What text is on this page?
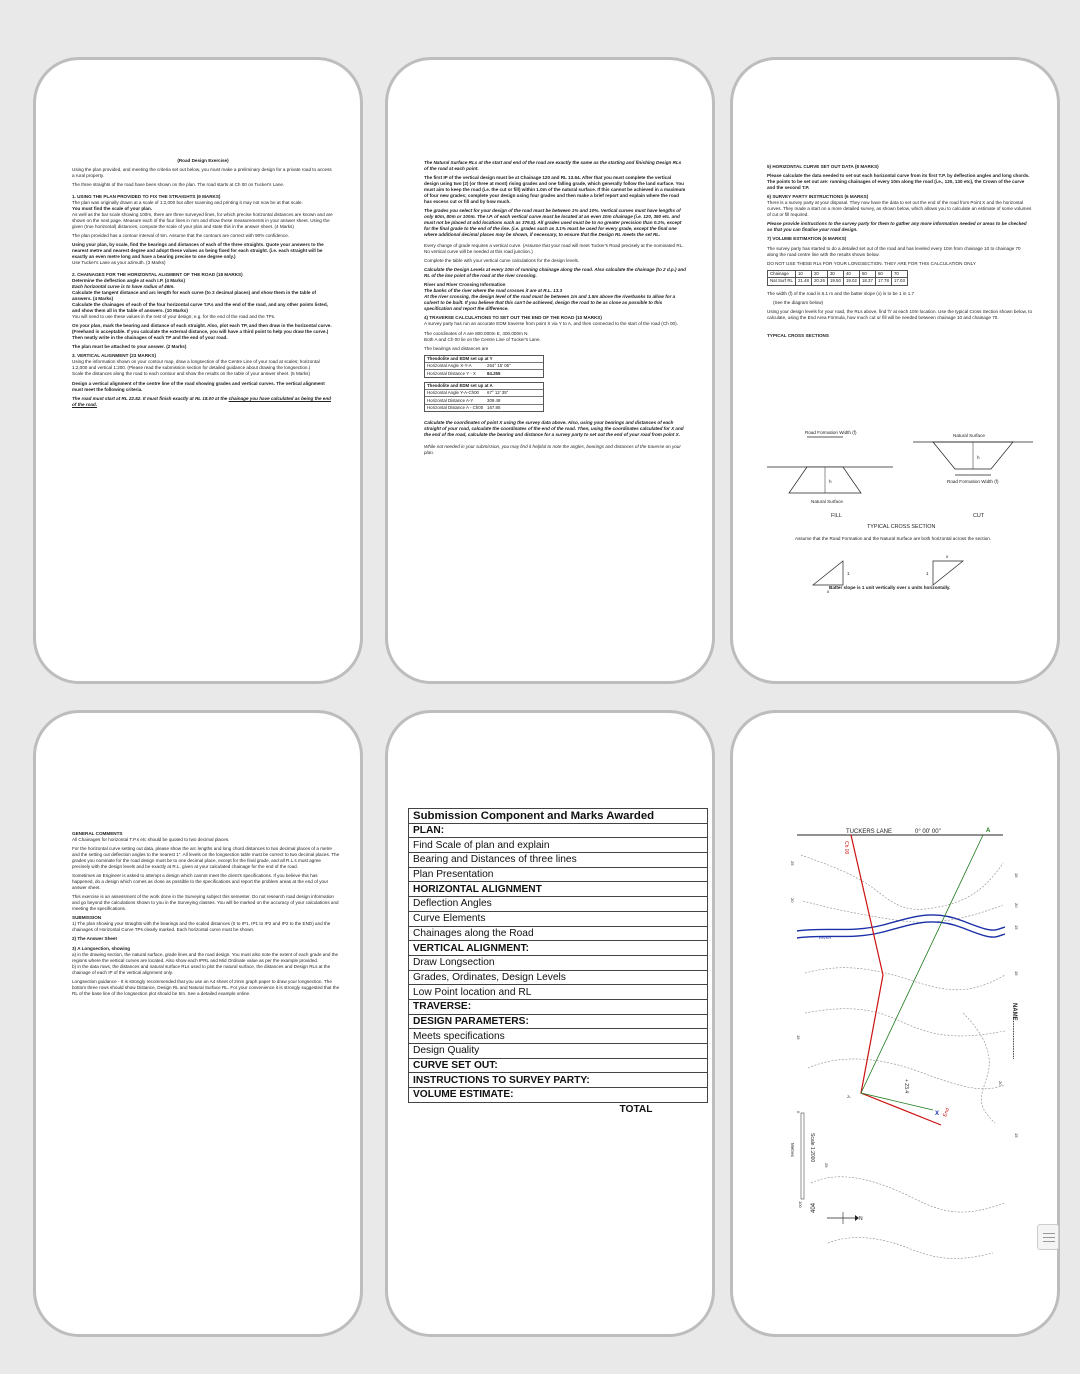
(Road Design Exercise)

Using the plan provided, and meeting the criteria set out below, you must make a preliminary design for a private road to access a rural property.

The three straights of the road have been shown on the plan. The road starts at Ch 00 on Tucker's Lane.

1. USING THE PLAN PROVIDED TO FIX THE STRAIGHTS (9 MARKS)
The plan was originally drawn at a scale of 1:2,000 but after scanning and printing it may not now be at that scale.
You must find the scale of your plan.
As well as the bar scale showing 100m, there are three surveyed lines, for which precise horizontal distances are known and are shown on the next page. Measure each of the four lines in mm and show these measurements in your answer sheet. Using the given (true horizontal) distances, compute the scale of your plan and state this in the answer sheet. (4 Marks)

The plan provided has a contour interval of 5m. Assume that the contours are correct with 90% confidence.

Using your plan, by scale, find the bearings and distances of each of the three straights. Quote your answers to the nearest metre and nearest degree and adopt these values as being fixed for each straight. (i.e. each straight will be exactly an even metre long and have a bearing precise to one degree only.)
Use Tucker's Lane as your azimuth. (3 Marks)

2. CHAINAGES FOR THE HORIZONTAL ALIGMENT OF THE ROAD (18 MARKS)
Determine the deflection angle at each I.P. (4 Marks)
Each horizontal curve is to have radius of 46m.
Calculate the tangent distance and arc length for each curve (to 2 decimal places) and show them in the table of answers. (4 Marks)
Calculate the chainages of each of the four horizontal curve T.P.s and the end of the road, and any other points listed, and show them all in the table of answers. (10 Marks)
You will need to use these values in the rest of your design; e.g. for the end of the road and the TPs.

On your plan, mark the bearing and distance of each straight. Also, plot each TP, and then draw in the horizontal curve. (Freehand is acceptable. If you calculate the external distance, you will have a third point to help you draw the curve.) Then neatly write in the chainages of each TP and the end of your road.

The plan must be attached to your answer. (2 Marks)

3. VERTICAL ALIGNMENT (23 MARKS)
Using the information shown on your contour map, draw a longsection of the Centre Line of your road at scales; horizontal 1:2,000 and vertical 1:200. (Please read the submission section for detailed guidance about drawing the longsection.)
Scale the distances along the road to each contour and show the results on the table of your answer sheet. (5 Marks)

Design a vertical alignment of the centre line of the road showing grades and vertical curves. The vertical alignment must meet the following criteria.

The road must start at RL 22.52. It must finish exactly at RL 18.00 at the chainage you have calculated as being the end of the road.

The Natural Surface RLs at the start and end of the road are exactly the same as the starting and finishing Design RLs of the road at each point.

The first IP of the vertical design must be at Chainage 120 and RL 13.64. After that you must complete the vertical design using two (2) (or three at most) rising grades and one falling grade, which generally follow the land surface. You must aim to keep the road (i.e. the cut or fill) within 1.0m of the natural surface. If this cannot be achieved in a maximum of four new grades; complete your design using four grades and then make a brief report and explain where the road has excess cut or fill and by how much.

The grades you select for your design of the road must be between 1% and 10%. Vertical curves must have lengths of only 60m, 80m or 100m. The I.P. of each vertical curve must be located at an even 10m chainage (i.e. 120, 350 etc. and must not be placed at odd locations such as 376.5). All grades used must be to no greater precision than 0.1%, except for the final grade to the end of the line. (i.e. grades such as 3.1% must be used for every grade, except the final one where additional decimal places may be shown, if necessary, to ensure that the Design RL meets the set RL.

Every change of grade requires a vertical curve. (Assume that your road will meet Tucker's Road precisely at the nominated RL. No vertical curve will be needed at this road junction.)

Complete the table with your vertical curve calculations for the design levels.

Calculate the Design Levels at every 10m of running chainage along the road. Also calculate the chainage (to 2 d.p.) and RL of the low point of the road at the river crossing.

River and River Crossing Information
The banks of the river where the road crosses it are at R.L. 13.3
At the river crossing, the design level of the road must be between 1m and 1.5m above the riverbanks to allow for a culvert to be built. If you believe that this can't be achieved, design the road to be as close as possible to this specification and report the difference.

4) TRAVERSE CALCULATIONS TO SET OUT THE END OF THE ROAD (10 MARKS)
A survey party has run an accurate EDM traverse from point X via Y to A, and then connected to the start of the road (Ch 00).

The coordinates of A are 800.000m E, 400.000m N.
Both A and Ch 00 lie on the Centre Line of Tucker's Lane.

The bearings and distances are

Theodolite and EDM set up at Y
Horizontal Angle X-Y-A	264° 15' 05"
Horizontal Distance Y - X	84.255
Theodolite and EDM set up at A
Horizontal Angle Y-A-Ch00	67° 12' 35"
Horizontal Distance A-Y	309.48
Horizontal Distance A - Ch00 167.85

Calculate the coordinates of point X using the survey data above. Also, using your bearings and distances of each straight of your road, calculate the coordinates of the end of the road. Then, using the coordinates calculated for X and the end of the road, calculate the bearing and distance for a survey party to set out the end of your road from point X.

While not needed in your submission, you may find it helpful to note the angles, bearings and distances of the traverse on your plan.

5) HORIZONTAL CURVE SET OUT DATA (8 MARKS)

Please calculate the data needed to set out each horizontal curve from its first T.P. by deflection angles and long chords. The points to be set out are: running chainages of every 10m along the road (i.e., 120, 130 etc), the Crown of the curve and the second T.P.

6) SURVEY PARTY INSTRUCTIONS (6 MARKS)
There is a survey party at your disposal. They now have the data to set out the end of the road from Point X and the horizontal curves. They made a start on a more detailed survey, as shown below, which allows you to calculate an estimate of some volumes of cut or fill required.

Please provide instructions to the survey party for them to gather any more information needed or areas to be checked so that you can finalise your road design.

7) VOLUME ESTIMATION (6 MARKS)

The survey party has started to do a detailed set out of the road and has leveled every 10m from chainage 10 to chainage 70 along the road centre line with the results shown below.

DO NOT USE THESE RLs FOR YOUR LONGSECTION. THEY ARE FOR THIS CALCULATION ONLY

Chainage	10	20	30	40	50	60	70
Nat Surf RL	21.48	20.26	19.50	19.02	18.37	17.78	17.03

The width (f) of the road is 6.1 m and the batter slope (x) is to be 1 in 1.7

(See the diagram below)

Using your design levels for your road, the RLs above, find 'h' at each 10m location. Use the typical Cross Section shown below, to calculate, using the End Area Formula, how much cut or fill will be needed between chainage 10 and chainage 70.

TYPICAL CROSS SECTIONS

Road Formation Width (f)
Natural Surface
h
Natural Surface
h
Road Formation Width (f)
FILL	CUT
TYPICAL CROSS SECTION
Assume that the Road Formation and the Natural Surface are both horizontal across the section.
1
x
1
x
Batter slope is 1 unit vertically over x units horizontally.

GENERAL COMMENTS
All Chainages for horizontal T.P.s etc should be quoted to two decimal places.

For the horizontal curve setting out data, please show the arc lengths and long chord distances to two decimal places of a metre and the setting out deflection angles to the nearest 1". All levels on the longsection table must be correct to two decimal places. The grades you nominate for the road design must be to one decimal place, except for the final grade, and all R.L.s must agree precisely with the design levels and be exactly at R.L. given at your calculated chainage for the end of the road.

Sometimes an Engineer is asked to attempt a design which cannot meet the client's specifications. If you believe this has happened, do a design which comes as close as possible to the specifications and report the problem areas at the end of your answer sheet.

This exercise is an assessment of the work done in the Surveying subject this semester. Do not research road design information and go beyond the calculations shown to you in the Surveying classes. You will be marked on the accuracy of your calculations and meeting the specifications.

SUBMISSION
1) The plan showing your straights with the bearings and the scaled distances (0 to IP1, IP1 to IP2 and IP2 to the END) and the chainages of Horizontal Curve TPs clearly marked. Each horizontal curve must be shown.

2) The Answer Sheet

3) A Longsection, showing
a) in the drawing section, the natural surface, grade lines and the road design. You must also note the extent of each grade and the regions where the vertical curves are located. Also show each IPRL and Mid Ordinate value as per the example provided.
b) in the data rows, the distances and natural surface RLs used to plot the natural surface, the distances and Design RLs at the chainage of each IP of the vertical alignment only.

Longsection guidance - It is strongly recommended that you use an A4 sheet of 2mm graph paper to draw your longsection. The bottom three rows should show Distance, Design RL and Natural Surface RL. For your convenience it is strongly suggested that the RL of the base line of the longsection plot should be 5m. See a detailed example online.

Submission Component and Marks Awarded
PLAN:
Find Scale of plan and explain
Bearing and Distances of three lines
Plan Presentation
HORIZONTAL ALIGNMENT
Deflection Angles
Curve Elements
Chainages along the Road
VERTICAL ALIGNMENT:
Draw Longsection
Grades, Ordinates, Design Levels
Low Point location and RL
TRAVERSE:
DESIGN PARAMETERS:
Meets specifications
Design Quality
CURVE SET OUT:
INSTRUCTIONS TO SURVEY PARTY:
VOLUME ESTIMATE:
TOTAL
TUCKERS LANE	0° 00' 00"	A
Ch 00
RIVER
NAME.......................
X
Y
End
+ 23.4
25
20
15
20
15
15
15
20
15
25
0
100
Scale 1:2000
Metres
N
404
